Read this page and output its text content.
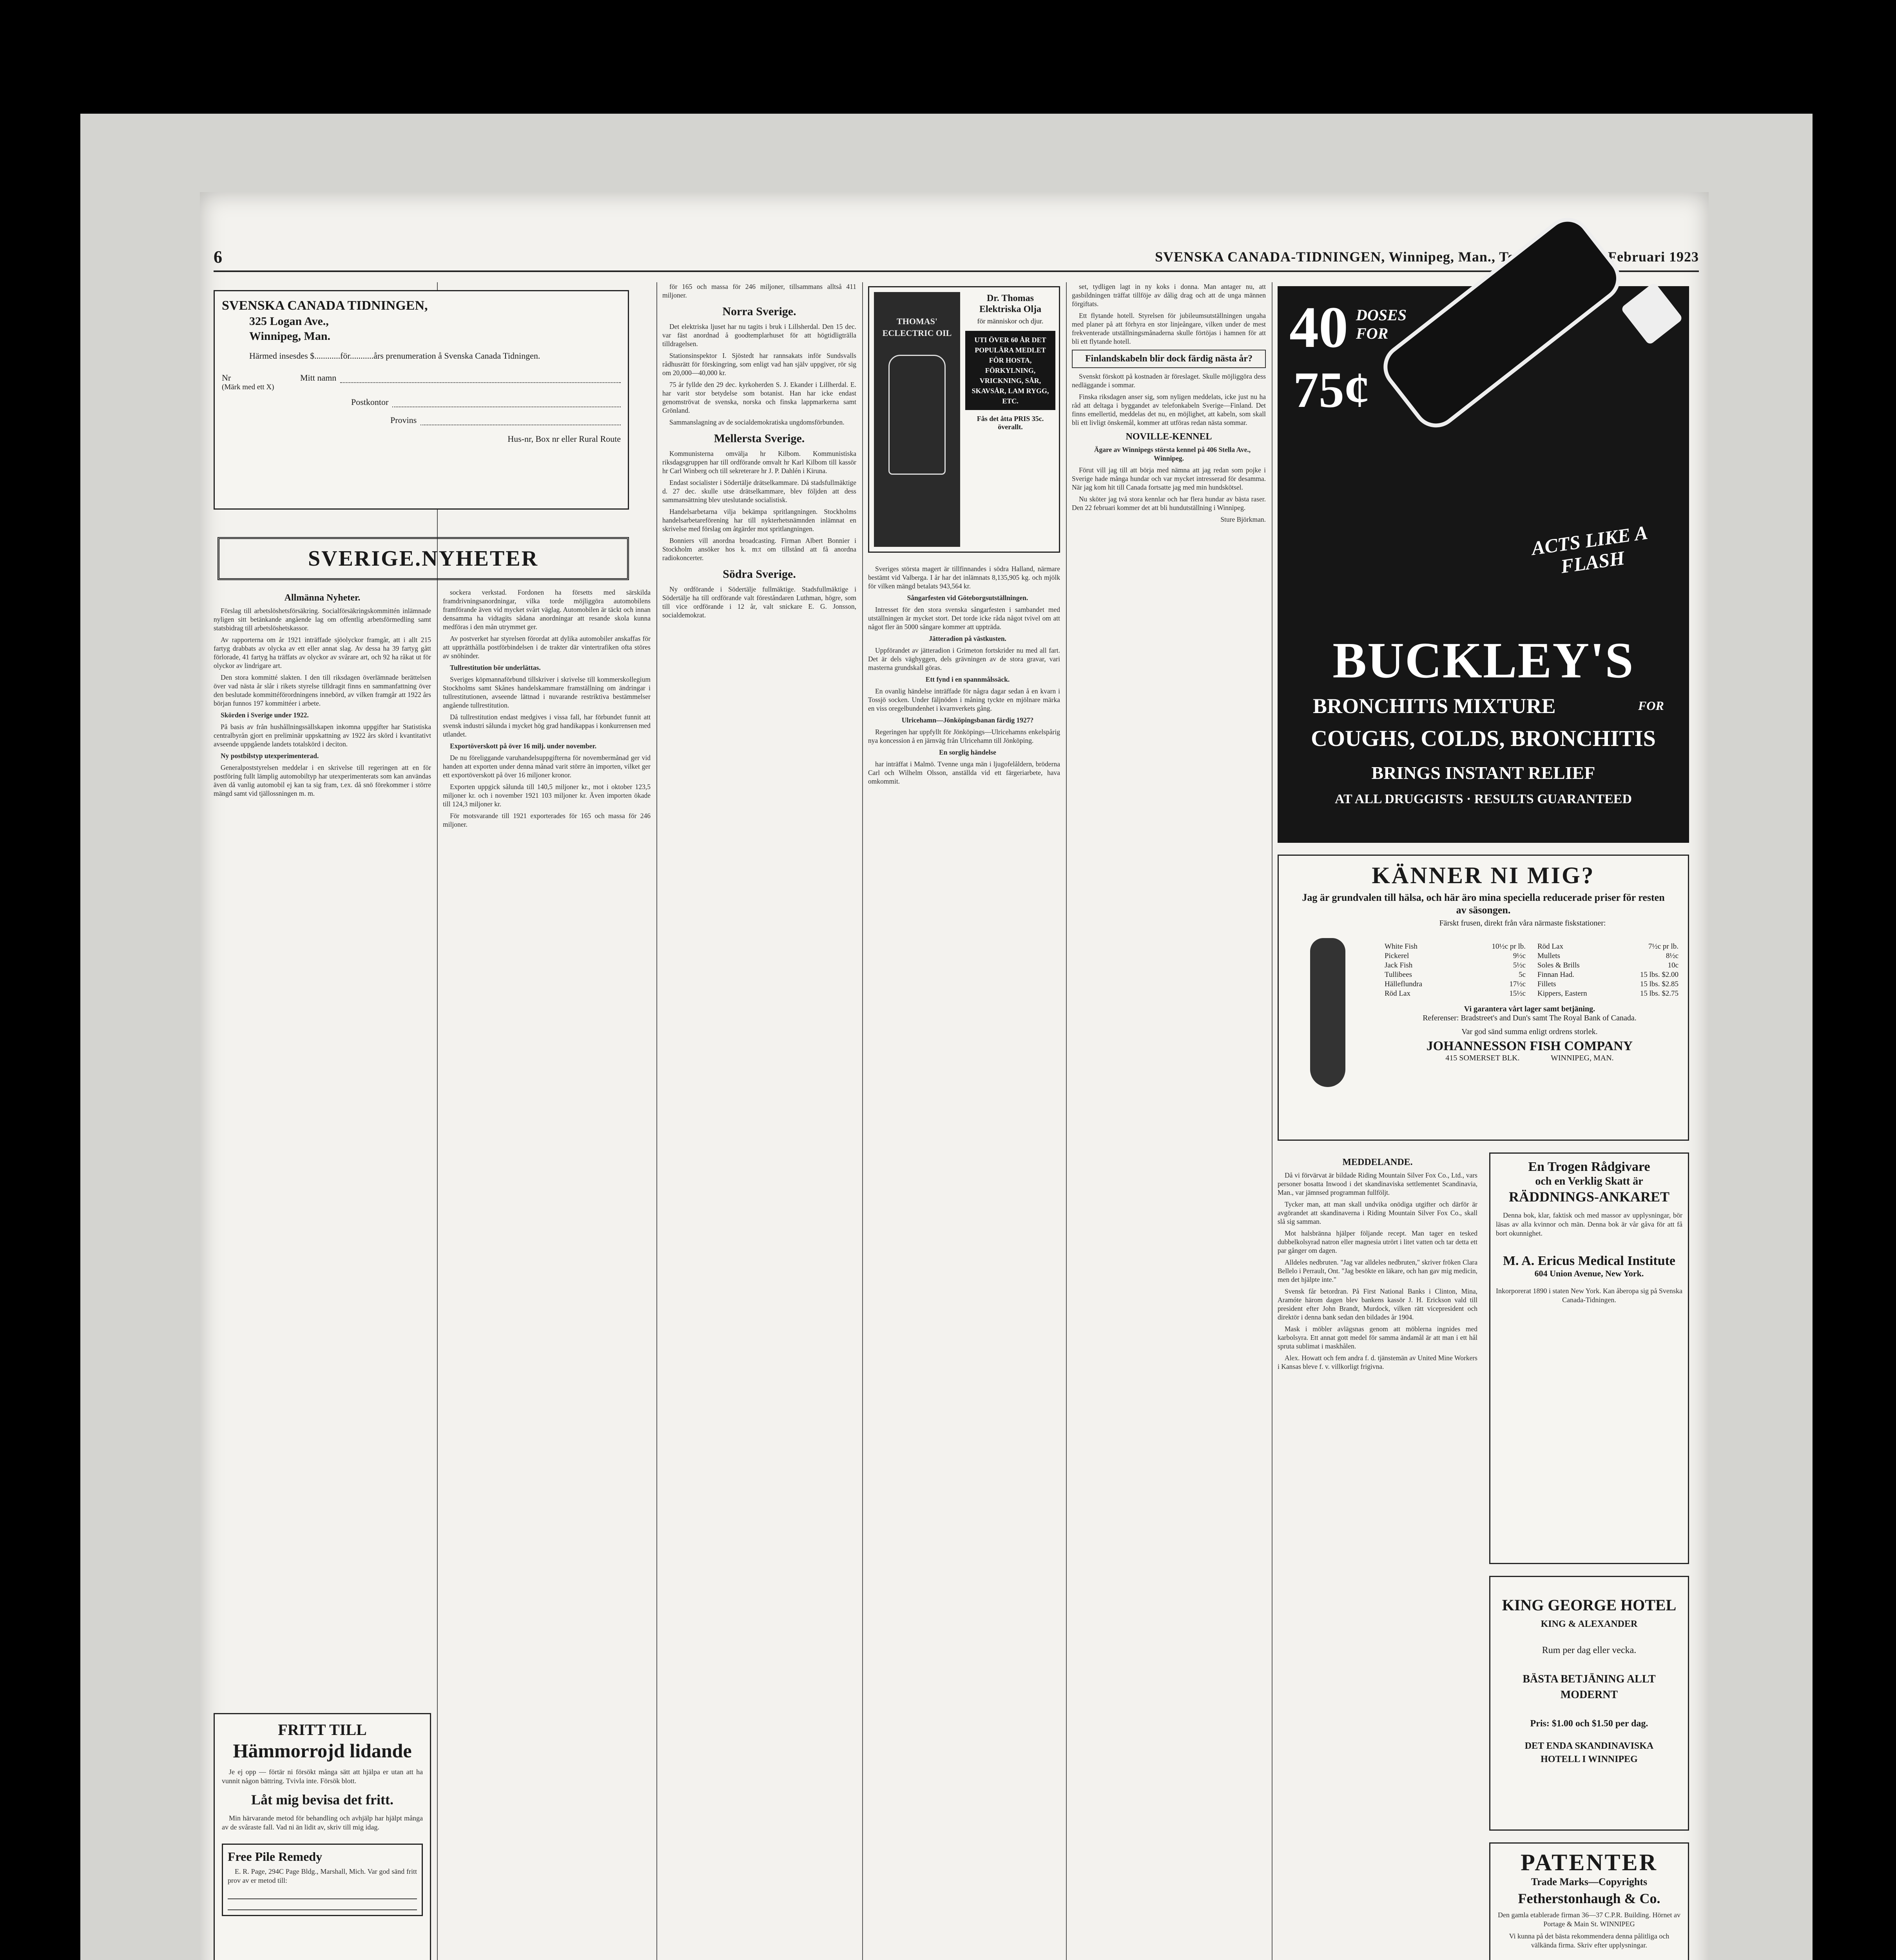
6	SVENSKA CANADA-TIDNINGEN, Winnipeg, Man., Torsdagen den 8 Februari 1923
SVENSKA CANADA TIDNINGEN,
325 Logan Ave.,
Winnipeg, Man.
Härmed insesdes $............för...........års prenumeration å Svenska Canada Tidningen.
Nr	Mitt namn
(Märk med ett X)
Postkontor
Provins
Hus-nr, Box nr eller Rural Route
SVERIGE.NYHETER
Allmänna Nyheter.

Förslag till arbetslöshetsförsäkring. Socialförsäkringskommittén inlämnade nyligen sitt betänkande angående lag om offentlig arbetsförmedling samt statsbidrag till arbetslöshetskassor.

Av rapporterna om år 1921 inträffade sjöolyckor framgår, att i allt 215 fartyg drabbats av olycka av ett eller annat slag. Av dessa ha 39 fartyg gått förlorade, 41 fartyg ha träffats av olyckor av svårare art, och 92 ha råkat ut för olyckor av lindrigare art.

Den stora kommitté slakten. I den till riksdagen överlämnade berättelsen över vad nästa år slår i rikets styrelse tilldragit finns en sammanfattning över den beslutade kommittéförordningens innebörd, av vilken framgår att 1922 års början funnos 197 kommittéer i arbete.

Skörden i Sverige under 1922.

På basis av från hushållningssällskapen inkomna uppgifter har Statistiska centralbyrån gjort en preliminär uppskattning av 1922 års skörd i kvantitativt avseende uppgående landets totalskörd i deciton.

Ny postbilstyp utexperimenterad.

Generalpoststyrelsen meddelar i en skrivelse till regeringen att en för postföring fullt lämplig automobiltyp har utexperimenterats som kan användas även då vanlig automobil ej kan ta sig fram, t.ex. då snö förekommer i större mängd samt vid tjällossningen m. m.

FRITT TILL
Hämmorrojd lidande

Je ej opp — förtär ni försökt många sätt att hjälpa er utan att ha vunnit någon bättring. Tvivla inte. Försök blott.

Låt mig bevisa det fritt.

Min härvarande metod för behandling och avhjälp har hjälpt många av de svåraste fall. Vad ni än lidit av, skriv till mig idag.

Free Pile Remedy

E. R. Page, 294C Page Bldg., Marshall, Mich. Var god sänd fritt prov av er metod till:

sockera verkstad. Fordonen ha försetts med särskilda framdrivningsanordningar, vilka torde möjliggöra automobilens framförande även vid mycket svårt väglag. Automobilen är täckt och innan densamma ha vidtagits sådana anordningar att resande skola kunna medföras i den mån utrymmet ger.

Av postverket har styrelsen förordat att dylika automobiler anskaffas för att upprätthålla postförbindelsen i de trakter där vintertrafiken ofta störes av snöhinder.

Tullrestitution bör underlättas.

Sveriges köpmannaförbund tillskriver i skrivelse till kommerskollegium Stockholms samt Skånes handelskammare framställning om ändringar i tullrestitutionen, avseende lättnad i nuvarande restriktiva bestämmelser angående tullrestitution.

Då tullrestitution endast medgives i vissa fall, har förbundet funnit att svensk industri sålunda i mycket hög grad handikappas i konkurrensen med utlandet.

Exportöverskott på över 16 milj. under november.

De nu föreliggande varuhandelsuppgifterna för novembermånad ger vid handen att exporten under denna månad varit större än importen, vilket ger ett exportöverskott på över 16 miljoner kronor.

Exporten uppgick sålunda till 140,5 miljoner kr., mot i oktober 123,5 miljoner kr. och i november 1921 103 miljoner kr. Även importen ökade till 124,3 miljoner kr.

För motsvarande till 1921 exporterades för 165 och massa för 246 miljoner.

för 165 och massa för 246 miljoner, tillsammans alltså 411 miljoner.

Norra Sverige.

Det elektriska ljuset har nu tagits i bruk i Lillsherdal. Den 15 dec. var fäst anordnad å goodtemplarhuset för att högtidligträlla tilldragelsen.

Stationsinspektor I. Sjöstedt har rannsakats inför Sundsvalls rådhusrätt för förskingring, som enligt vad han själv uppgiver, rör sig om 20,000—40,000 kr.

75 år fyllde den 29 dec. kyrkoherden S. J. Ekander i Lillherdal. E. har varit stor betydelse som botanist. Han har icke endast genomströvat de svenska, norska och finska lappmarkerna samt Grönland.

Sammanslagning av de socialdemokratiska ungdomsförbunden.

Mellersta Sverige.

Kommunisterna omvälja hr Kilbom. Kommunistiska riksdagsgruppen har till ordförande omvalt hr Karl Kilbom till kassör hr Carl Winberg och till sekreterare hr J. P. Dahlén i Kiruna.

Endast socialister i Södertälje drätselkammare. Då stadsfullmäktige d. 27 dec. skulle utse drätselkammare, blev följden att dess sammansättning blev uteslutande socialistisk.

Handelsarbetarna vilja bekämpa spritlangningen. Stockholms handelsarbetareförening har till nykterhetsnämnden inlämnat en skrivelse med förslag om åtgärder mot spritlangningen.

Bonniers vill anordna broadcasting. Firman Albert Bonnier i Stockholm ansöker hos k. m:t om tillstånd att få anordna radiokoncerter.

Södra Sverige.

Ny ordförande i Södertälje fullmäktige. Stadsfullmäktige i Södertälje ha till ordförande valt föreståndaren Luthman, högre, som till vice ordförande i 12 år, valt snickare E. G. Jonsson, socialdemokrat.

THOMAS' ECLECTRIC OIL
Dr. Thomas Elektriska Olja
för människor och djur.
UTI ÖVER 60 ÅR DET POPULÄRA MEDLET FÖR HOSTA, FÖRKYLNING, VRICKNING, SÅR, SKAVSÅR, LAM RYGG, ETC.
Fås det åtta PRIS 35c. överallt.

Sveriges största magert är tillfinnandes i södra Halland, närmare bestämt vid Valberga. I år har det inlämnats 8,135,905 kg. och mjölk för vilken mängd betalats 943,564 kr.

Sångarfesten vid Göteborgsutställningen.

Intresset för den stora svenska sångarfesten i sambandet med utställningen är mycket stort. Det torde icke råda något tvivel om att något fler än 5000 sångare kommer att uppträda.

Jätteradion på västkusten.

Uppförandet av jätteradion i Grimeton fortskrider nu med all fart. Det är dels väghyggen, dels grävningen av de stora gravar, vari masterna grundskall göras.

Ett fynd i en spannmålssäck.

En ovanlig händelse inträffade för några dagar sedan å en kvarn i Tossjö socken. Under fäljnöden i måning tyckte en mjölnare märka en viss oregelbundenhet i kvarnverkets gång.

Ulricehamn—Jönköpingsbanan färdig 1927?

Regeringen har uppfyllt för Jönköpings—Ulricehamns enkelspårig nya koncession å en järnväg från Ulricehamn till Jönköping.

En sorglig händelse

har inträffat i Malmö. Tvenne unga män i ljugofelåldern, bröderna Carl och Wilhelm Olsson, anställda vid ett färgeriarbete, hava omkommit.

set, tydligen lagt in ny koks i donna. Man antager nu, att gasbildningen träffat tillföje av dålig drag och att de unga männen förgiftats.

Ett flytande hotell. Styrelsen för jubileumsutställningen ungaha med planer på att förhyra en stor linjeångare, vilken under de mest frekventerade utställningsmånaderna skulle förtöjas i hamnen för att bli ett flytande hotell.

Finlandskabeln blir dock färdig nästa år?

Svenskt förskott på kostnaden är föreslaget. Skulle möjliggöra dess nedläggande i sommar.

Finska riksdagen anser sig, som nyligen meddelats, icke just nu ha råd att deltaga i byggandet av telefonkabeln Sverige—Finland. Det finns emellertid, meddelas det nu, en möjlighet, att kabeln, som skall bli ett livligt önskemål, kommer att utföras redan nästa sommar.

NOVILLE-KENNEL

Ägare av Winnipegs största kennel på 406 Stella Ave., Winnipeg.

Förut vill jag till att börja med nämna att jag redan som pojke i Sverige hade många hundar och var mycket intresserad för desamma. När jag kom hit till Canada fortsatte jag med min hundskötsel.

Nu sköter jag två stora kennlar och har flera hundar av bästa raser. Den 22 februari kommer det att bli hundutställning i Winnipeg.

Sture Björkman.

40 DOSES FOR
75¢
ACTS LIKE A FLASH
BUCKLEY'S
BRONCHITIS MIXTURE	FOR
COUGHS, COLDS, BRONCHITIS
BRINGS INSTANT RELIEF
AT ALL DRUGGISTS · RESULTS GUARANTEED
KÄNNER NI MIG?
Jag är grundvalen till hälsa, och här äro mina speciella reducerade priser för resten av säsongen.
Färskt frusen, direkt från våra närmaste fiskstationer:
White Fish	10½c pr lb.
Pickerel	9½c
Jack Fish	5½c
Tullibees	5c
Hälleflundra	17½c
Röd Lax	15½c
Röd Lax	7½c pr lb.
Mullets	8½c
Soles & Brills	10c
Finnan Had.	15 lbs. $2.00
Fillets	15 lbs. $2.85
Kippers, Eastern	15 lbs. $2.75
Vi garantera vårt lager samt betjäning.
Referenser: Bradstreet's and Dun's samt The Royal Bank of Canada.
Var god sänd summa enligt ordrens storlek.
JOHANNESSON FISH COMPANY
415 SOMERSET BLK.                WINNIPEG, MAN.
MEDDELANDE.

Då vi förvärvat är bildade Riding Mountain Silver Fox Co., Ltd., vars personer bosatta Inwood i det skandinaviska settlementet Scandinavia, Man., var jämnsed programman fullföljt.

Tycker man, att man skall undvika onödiga utgifter och därför är avgörandet att skandinaverna i Riding Mountain Silver Fox Co., skall slå sig samman.

Mot halsbränna hjälper följande recept. Man tager en tesked dubbelkolsyrad natron eller magnesia utrört i litet vatten och tar detta ett par gånger om dagen.

Alldeles nedbruten. "Jag var alldeles nedbruten," skriver fröken Clara Bellelo i Perrault, Ont. "Jag besökte en läkare, och han gav mig medicin, men det hjälpte inte."

Svensk får betordran. På First National Banks i Clinton, Mina, Aramóte härom dagen blev bankens kassör J. H. Erickson vald till president efter John Brandt, Murdock, vilken rätt vicepresident och direktör i denna bank sedan den bildades år 1904.

Mask i möbler avlägsnas genom att möblerna ingnides med karbolsyra. Ett annat gott medel för samma ändamål är att man i ett hål spruta sublimat i maskhålen.

Alex. Howatt och fem andra f. d. tjänstemän av United Mine Workers i Kansas bleve f. v. villkorligt frigivna.

En Trogen Rådgivare
och en Verklig Skatt är
RÄDDNINGS-ANKARET

Denna bok, klar, faktisk och med massor av upplysningar, bör läsas av alla kvinnor och män. Denna bok är vår gåva för att få bort okunnighet.

M. A. Ericus Medical Institute
604 Union Avenue, New York.

Inkorporerat 1890 i staten New York. Kan åberopa sig på Svenska Canada-Tidningen.

KING GEORGE HOTEL
KING & ALEXANDER
Rum per dag eller vecka.
BÄSTA BETJÄNING ALLT MODERNT
Pris: $1.00 och $1.50 per dag.
DET ENDA SKANDINAVISKA HOTELL I WINNIPEG
PATENTER
Trade Marks—Copyrights
Fetherstonhaugh & Co.

Den gamla etablerade firman 36—37 C.P.R. Building. Hörnet av Portage & Main St. WINNIPEG

Vi kunna på det bästa rekommendera denna pålitliga och välkända firma. Skriv efter upplysningar.
